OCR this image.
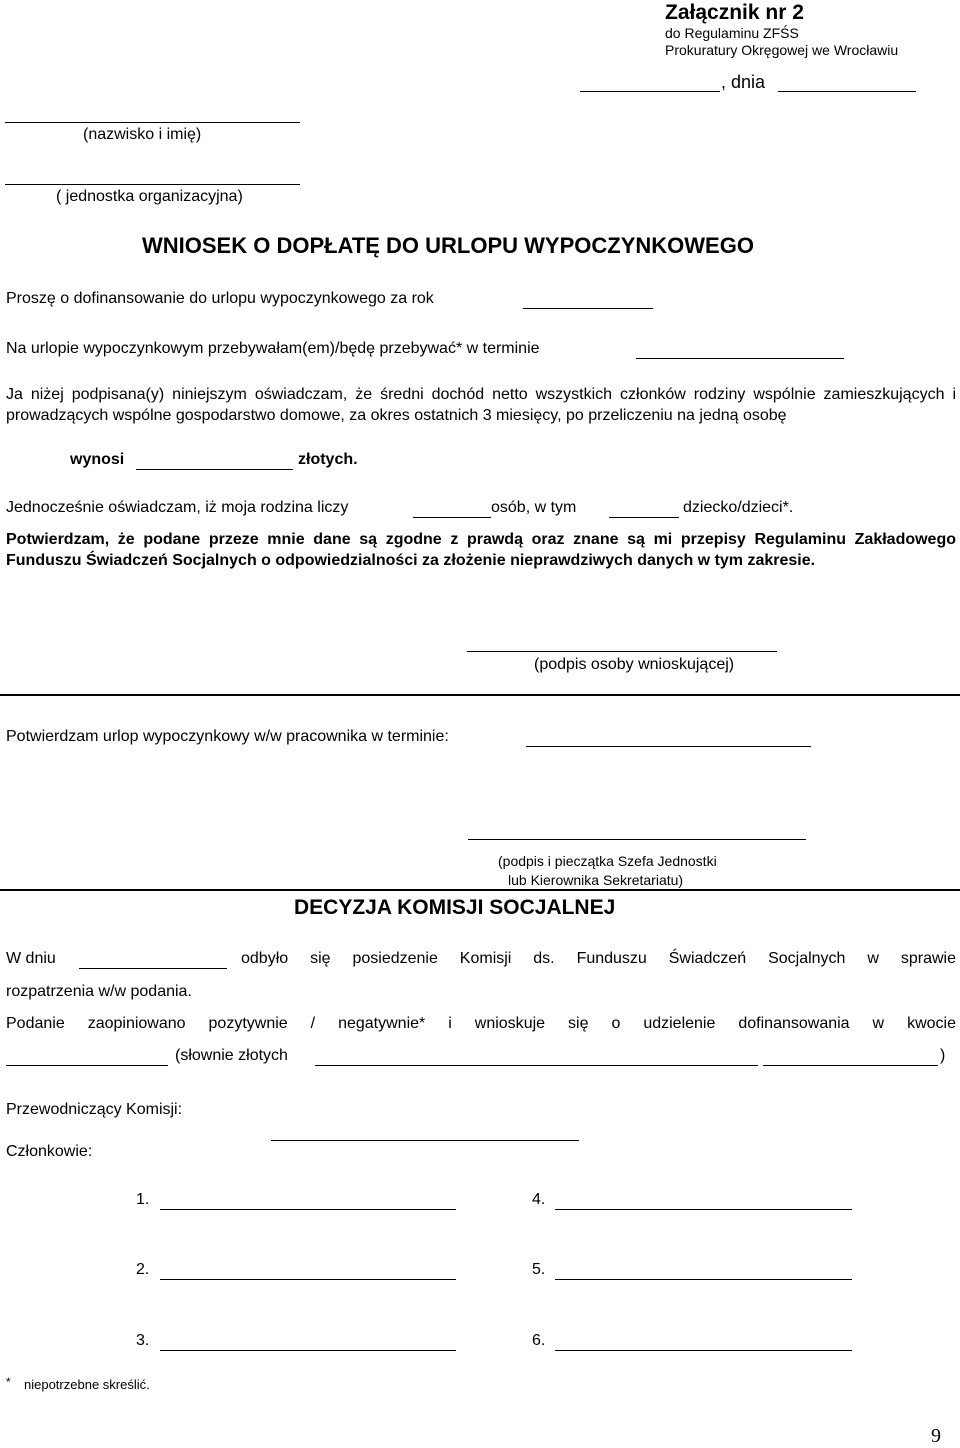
Załącznik nr 2
do Regulaminu ZFŚS
Prokuratury Okręgowej we Wrocławiu
, dnia
(nazwisko i imię)
( jednostka organizacyjna)
WNIOSEK O DOPŁATĘ DO URLOPU WYPOCZYNKOWEGO
Proszę o dofinansowanie do urlopu wypoczynkowego za rok
Na urlopie wypoczynkowym przebywałam(em)/będę przebywać* w terminie
Ja niżej podpisana(y) niniejszym oświadczam, że średni dochód netto wszystkich członków rodziny wspólnie zamieszkujących i prowadzących wspólne gospodarstwo domowe, za okres ostatnich 3 miesięcy, po przeliczeniu na jedną osobę
wynosi	złotych.
Jednocześnie oświadczam, iż moja rodzina liczy	osób, w tym	dziecko/dzieci*.
Potwierdzam, że podane przeze mnie dane są zgodne z prawdą oraz znane są mi przepisy Regulaminu Zakładowego Funduszu Świadczeń Socjalnych o odpowiedzialności za złożenie nieprawdziwych danych w tym zakresie.
(podpis osoby wnioskującej)
Potwierdzam urlop wypoczynkowy w/w pracownika w terminie:
(podpis i pieczątka Szefa Jednostki
lub Kierownika Sekretariatu)
DECYZJA KOMISJI SOCJALNEJ
W dniu	odbyło się posiedzenie Komisji ds. Funduszu Świadczeń Socjalnych w sprawie
rozpatrzenia w/w podania.
Podanie zaopiniowano pozytywnie / negatywnie* i wnioskuje się o udzielenie dofinansowania w kwocie
(słownie złotych	)
Przewodniczący Komisji:
Członkowie:
1.	4.
2.	5.
3.	6.
* niepotrzebne skreślić.
9
